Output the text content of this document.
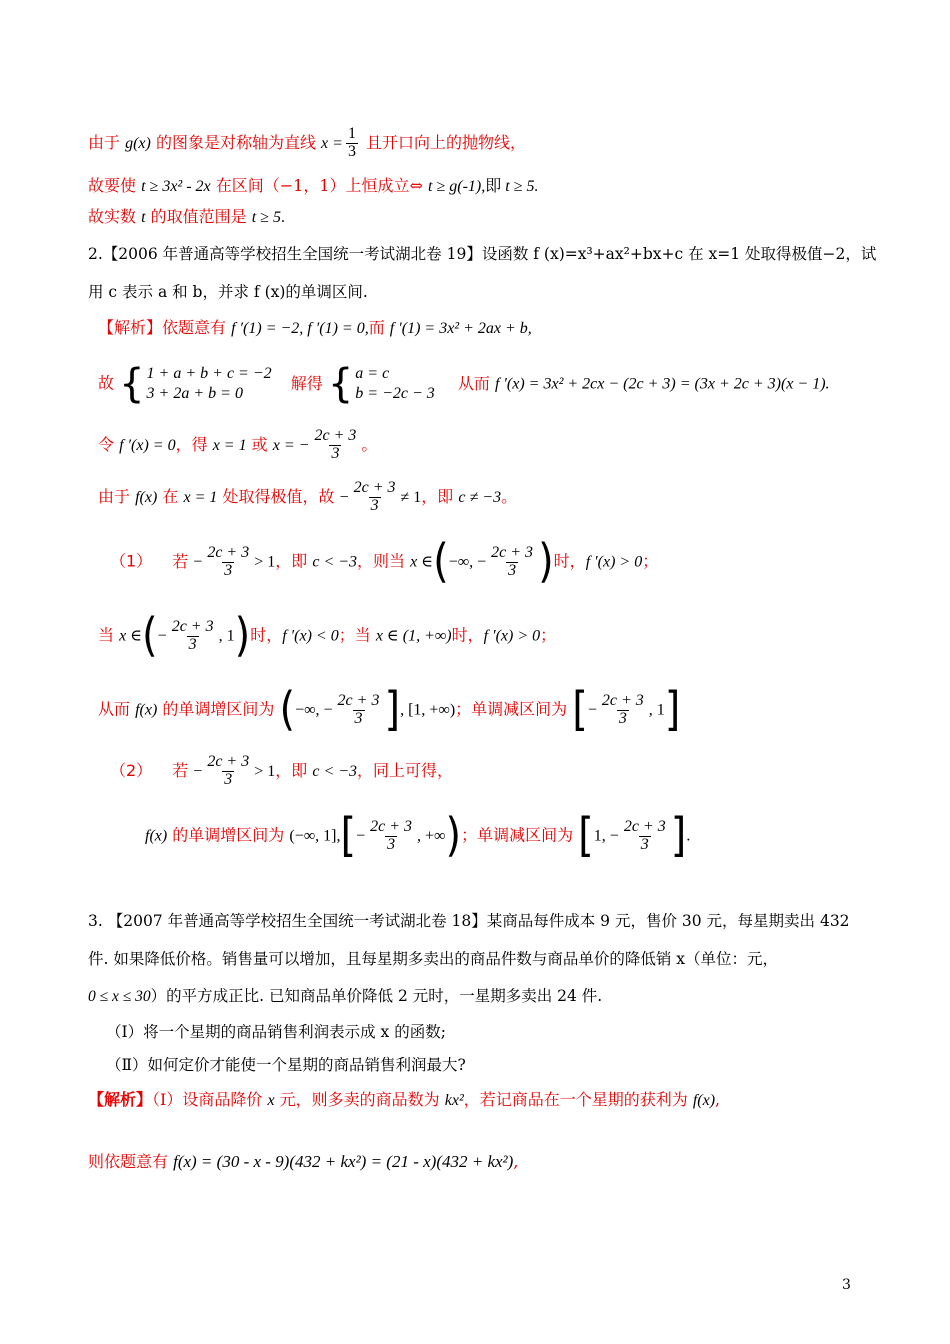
由于 g(x) 的图象是对称轴为直线 $x = \frac{1}{3}$ 且开口向上的抛物线，
故要使 t ≥ 3x² - 2x 在区间（−1，1）上恒成立⇔ t ≥ g(-1),即 t ≥ 5.
故实数 t 的取值范围是 t ≥ 5.
2.【2006 年普通高等学校招生全国统一考试湖北卷 19】设函数 f (x)=x³+ax²+bx+c 在 x=1 处取得极值−2，试
用 c 表示 a 和 b，并求 f (x)的单调区间.
【解析】依题意有 f ′(1) = −2, f ′(1) = 0,而 f ′(1) = 3x² + 2ax + b,
故 { 1 + a + b + c = −2
3 + 2a + b = 0
解得 { a = c
b = −2c − 3
从而 f ′(x) = 3x² + 2cx − (2c + 3) = (3x + 2c + 3)(x − 1).
令 f ′(x) = 0，得 x = 1 或 x = − $\frac{2c + 3}{3}$ 。
由于 f(x) 在 x = 1 处取得极值，故 − $\frac{2c + 3}{3} \ne 1$，即 c ≠ −3。
（1） 若 − $\frac{2c + 3}{3} > 1$，即 c < −3，则当 x ∈(−∞, − $\frac{2c + 3}{3}$ )时，f ′(x) > 0；
当 x ∈(− $\frac{2c + 3}{3}$ , 1)时，f ′(x) < 0；当 x ∈ (1, +∞)时，f ′(x) > 0；
从而 f(x) 的单调增区间为 (−∞, − $\frac{2c + 3}{3}$ ], [1, +∞)；单调减区间为 [− $\frac{2c + 3}{3}$ , 1]
（2） 若 − $\frac{2c + 3}{3} > 1$，即 c < −3，同上可得，
f(x) 的单调增区间为 (−∞, $1],[- \frac{2c + 3}{3}$ , +∞)；单调减区间为 [1, − $\frac{2c + 3}{3}$ ].
3. 【2007 年普通高等学校招生全国统一考试湖北卷 18】某商品每件成本 9 元，售价 30 元，每星期卖出 432
件. 如果降低价格。销售量可以增加，且每星期多卖出的商品件数与商品单价的降低销 x（单位：元，
0 ≤ x ≤ 30）的平方成正比. 已知商品单价降低 2 元时，一星期多卖出 24 件.
（Ⅰ）将一个星期的商品销售利润表示成 x 的函数;
（Ⅱ）如何定价才能使一个星期的商品销售利润最大?
【解析】（Ⅰ）设商品降价 x 元，则多卖的商品数为 kx²，若记商品在一个星期的获利为 f(x),
则依题意有 f(x) = (30 - x - 9)(432 + kx²) = (21 - x)(432 + kx²),
3
